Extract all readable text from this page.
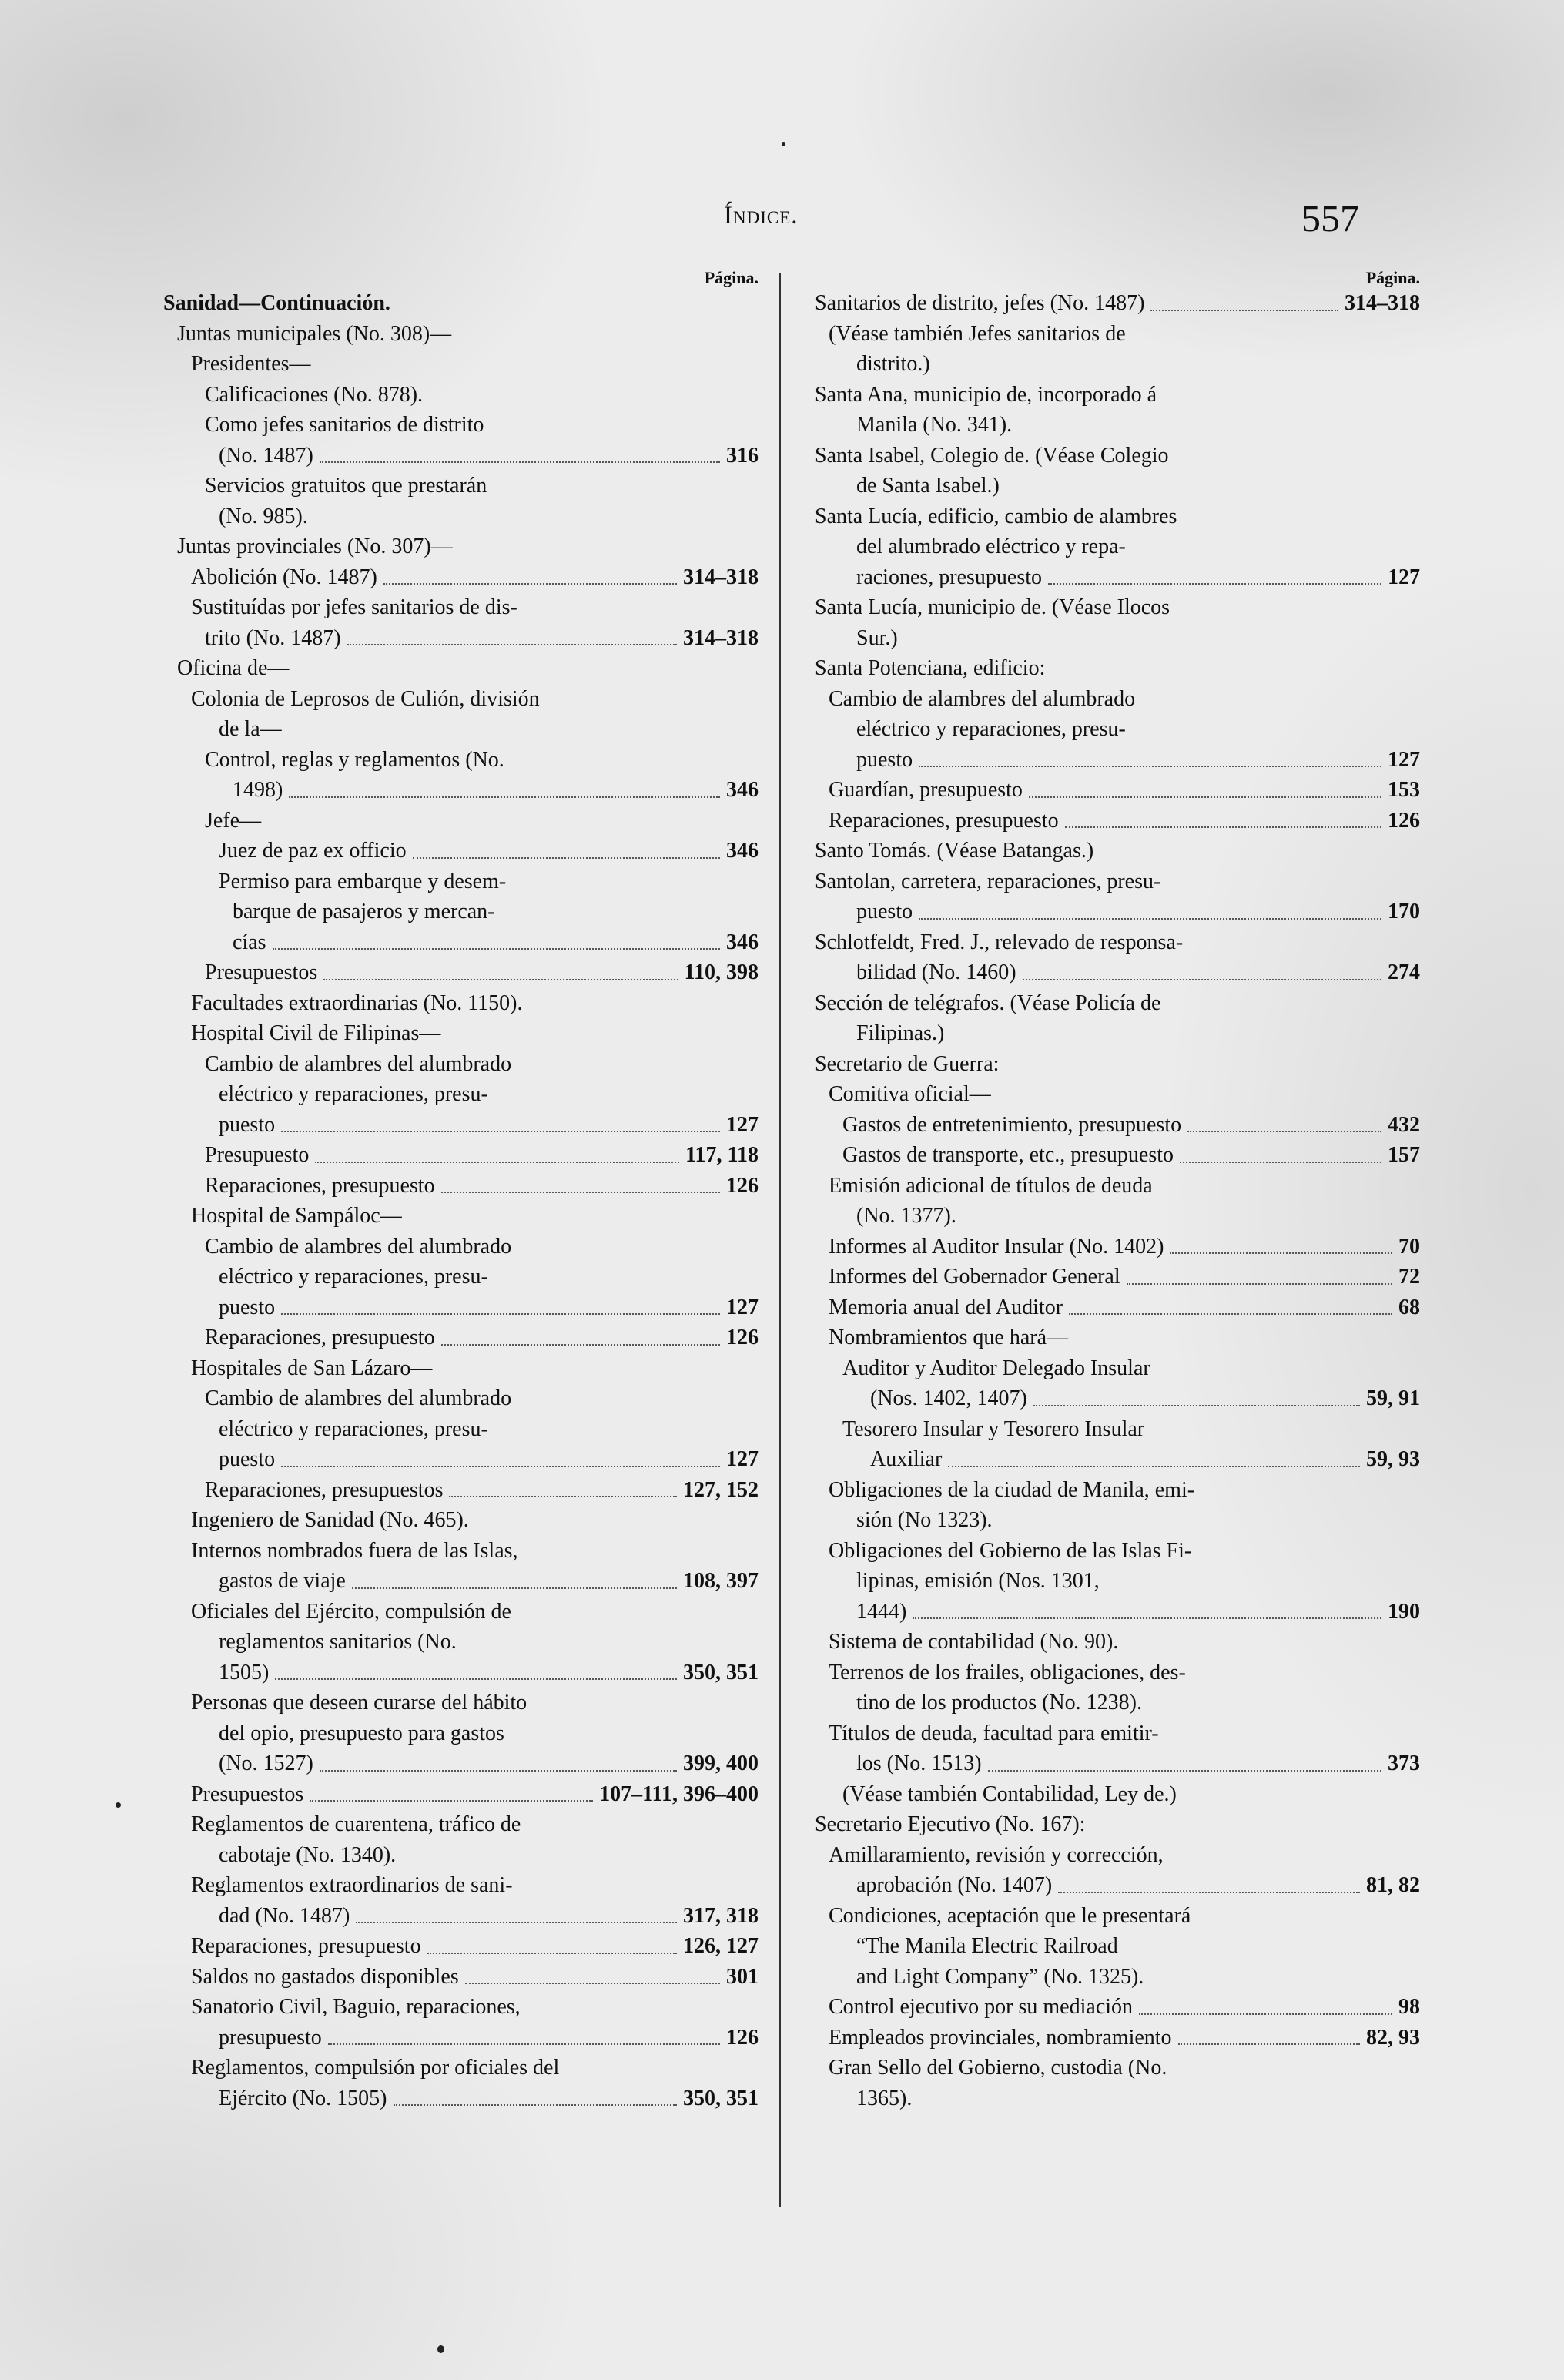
Índice.	557
Página.
Sanidad—Continuación.
Juntas municipales (No. 308)—
Presidentes—
Calificaciones (No. 878).
Como jefes sanitarios de distrito
(No. 1487)	316
Servicios gratuitos que prestarán
(No. 985).
Juntas provinciales (No. 307)—
Abolición (No. 1487)	314–318
Sustituídas por jefes sanitarios de dis-
trito (No. 1487)	314–318
Oficina de—
Colonia de Leprosos de Culión, división
de la—
Control, reglas y reglamentos (No.
1498)	346
Jefe—
Juez de paz ex officio	346
Permiso para embarque y desem-
barque de pasajeros y mercan-
cías	346
Presupuestos	110, 398
Facultades extraordinarias (No. 1150).
Hospital Civil de Filipinas—
Cambio de alambres del alumbrado
eléctrico y reparaciones, presu-
puesto	127
Presupuesto	117, 118
Reparaciones, presupuesto	126
Hospital de Sampáloc—
Cambio de alambres del alumbrado
eléctrico y reparaciones, presu-
puesto	127
Reparaciones, presupuesto	126
Hospitales de San Lázaro—
Cambio de alambres del alumbrado
eléctrico y reparaciones, presu-
puesto	127
Reparaciones, presupuestos	127, 152
Ingeniero de Sanidad (No. 465).
Internos nombrados fuera de las Islas,
gastos de viaje	108, 397
Oficiales del Ejército, compulsión de
reglamentos sanitarios (No.
1505)	350, 351
Personas que deseen curarse del hábito
del opio, presupuesto para gastos
(No. 1527)	399, 400
Presupuestos	107–111, 396–400
Reglamentos de cuarentena, tráfico de
cabotaje (No. 1340).
Reglamentos extraordinarios de sani-
dad (No. 1487)	317, 318
Reparaciones, presupuesto	126, 127
Saldos no gastados disponibles	301
Sanatorio Civil, Baguio, reparaciones,
presupuesto	126
Reglamentos, compulsión por oficiales del
Ejército (No. 1505)	350, 351
Página.
Sanitarios de distrito, jefes (No. 1487)	314–318
(Véase también Jefes sanitarios de
distrito.)
Santa Ana, municipio de, incorporado á
Manila (No. 341).
Santa Isabel, Colegio de. (Véase Colegio
de Santa Isabel.)
Santa Lucía, edificio, cambio de alambres
del alumbrado eléctrico y repa-
raciones, presupuesto	127
Santa Lucía, municipio de. (Véase Ilocos
Sur.)
Santa Potenciana, edificio:
Cambio de alambres del alumbrado
eléctrico y reparaciones, presu-
puesto	127
Guardían, presupuesto	153
Reparaciones, presupuesto	126
Santo Tomás. (Véase Batangas.)
Santolan, carretera, reparaciones, presu-
puesto	170
Schlotfeldt, Fred. J., relevado de responsa-
bilidad (No. 1460)	274
Sección de telégrafos. (Véase Policía de
Filipinas.)
Secretario de Guerra:
Comitiva oficial—
Gastos de entretenimiento, presupuesto	432
Gastos de transporte, etc., presupuesto	157
Emisión adicional de títulos de deuda
(No. 1377).
Informes al Auditor Insular (No. 1402)	70
Informes del Gobernador General	72
Memoria anual del Auditor	68
Nombramientos que hará—
Auditor y Auditor Delegado Insular
(Nos. 1402, 1407)	59, 91
Tesorero Insular y Tesorero Insular
Auxiliar	59, 93
Obligaciones de la ciudad de Manila, emi-
sión (No 1323).
Obligaciones del Gobierno de las Islas Fi-
lipinas, emisión (Nos. 1301,
1444)	190
Sistema de contabilidad (No. 90).
Terrenos de los frailes, obligaciones, des-
tino de los productos (No. 1238).
Títulos de deuda, facultad para emitir-
los (No. 1513)	373
(Véase también Contabilidad, Ley de.)
Secretario Ejecutivo (No. 167):
Amillaramiento, revisión y corrección,
aprobación (No. 1407)	81, 82
Condiciones, aceptación que le presentará
“The Manila Electric Railroad
and Light Company” (No. 1325).
Control ejecutivo por su mediación	98
Empleados provinciales, nombramiento	82, 93
Gran Sello del Gobierno, custodia (No.
1365).
